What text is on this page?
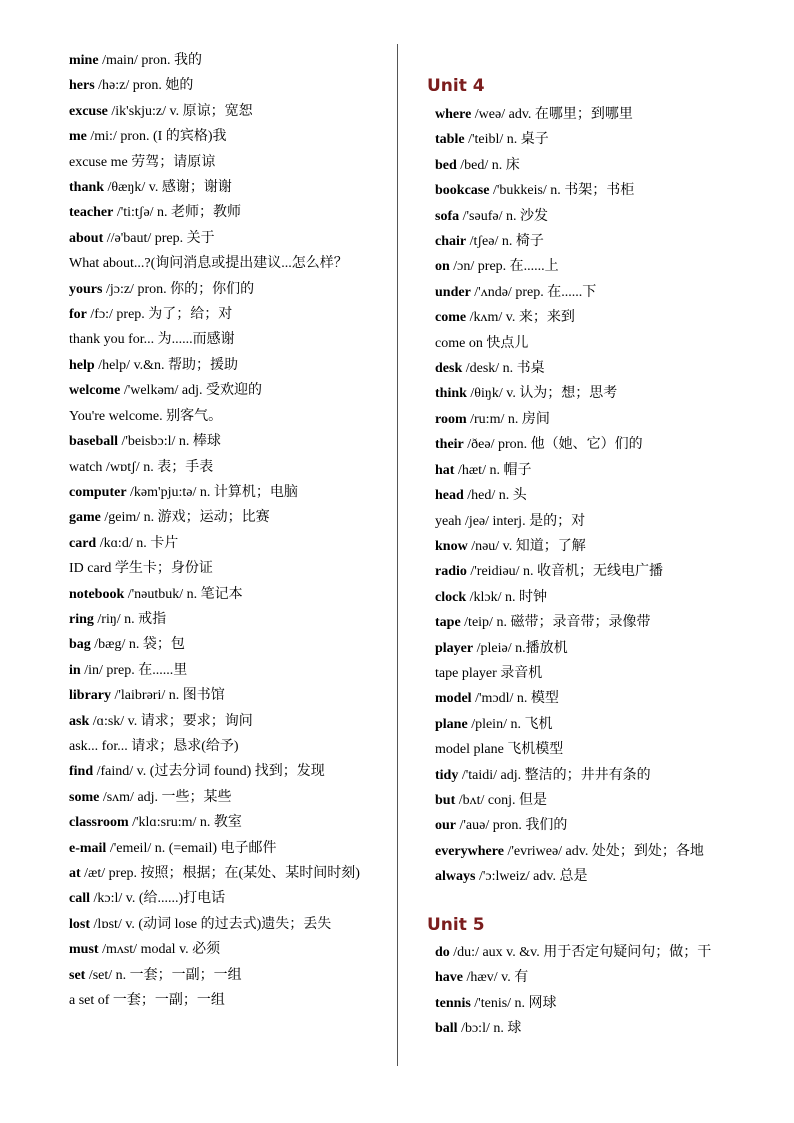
mine /main/ pron. 我的
hers /hə:z/ pron. 她的
excuse /ik'skju:z/ v. 原谅；宽恕
me /mi:/ pron. (I 的宾格)我
excuse me 劳驾；请原谅
thank /θæŋk/ v. 感谢；谢谢
teacher /'ti:tʃə/ n. 老师；教师
about //ə'baut/ prep. 关于
What about...?(询问消息或提出建议...怎么样？
yours /jɔ:z/ pron. 你的；你们的
for /fɔ:/ prep. 为了；给；对
thank you for... 为......而感谢
help /help/ v.&n. 帮助；援助
welcome /'welkəm/ adj. 受欢迎的
You're welcome. 别客气。
baseball /'beisbɔ:l/ n. 棒球
watch /wɒtʃ/ n. 表；手表
computer /kəm'pju:tə/ n. 计算机；电脑
game /geim/ n. 游戏；运动；比赛
card /kɑ:d/ n. 卡片
ID card 学生卡；身份证
notebook /'nəutbuk/ n. 笔记本
ring /riŋ/ n. 戒指
bag /bæg/ n. 袋；包
in /in/ prep. 在......里
library /'laibrəri/ n. 图书馆
ask /ɑ:sk/ v. 请求；要求；询问
ask... for... 请求；恳求(给予)
find /faind/ v. (过去分词 found) 找到；发现
some /sʌm/ adj. 一些；某些
classroom /'klɑ:sru:m/ n. 教室
e-mail /'emeil/ n. (=email) 电子邮件
at /æt/ prep. 按照；根据；在(某处、某时间时刻)
call /kɔ:l/ v. (给......)打电话
lost /lɒst/ v. (动词 lose 的过去式)遗失；丢失
must /mʌst/ modal v. 必须
set /set/ n. 一套；一副；一组
a set of 一套；一副；一组
Unit 4
where /weə/ adv. 在哪里；到哪里
table /'teibl/ n. 桌子
bed /bed/ n. 床
bookcase /'bukkeis/ n. 书架；书柜
sofa /'səufə/ n. 沙发
chair /tʃeə/ n. 椅子
on /ɔn/ prep. 在......上
under /'ʌndə/ prep. 在......下
come /kʌm/ v. 来；来到
come on 快点儿
desk /desk/ n. 书桌
think /θiŋk/ v. 认为；想；思考
room /ru:m/ n. 房间
their /ðeə/ pron. 他（她、它）们的
hat /hæt/ n. 帽子
head /hed/ n. 头
yeah /jeə/ interj. 是的；对
know /nəu/ v. 知道；了解
radio /'reidiəu/ n. 收音机；无线电广播
clock /klɔk/ n. 时钟
tape /teip/ n. 磁带；录音带；录像带
player /pleiə/ n.播放机
tape player 录音机
model /'mɔdl/ n. 模型
plane /plein/ n. 飞机
model plane 飞机模型
tidy /'taidi/ adj. 整洁的；井井有条的
but /bʌt/ conj. 但是
our /'auə/ pron. 我们的
everywhere /'evriweə/ adv. 处处；到处；各地
always /'ɔ:lweiz/ adv. 总是
Unit 5
do /du:/ aux v. &v. 用于否定句疑问句；做；干
have /hæv/ v. 有
tennis /'tenis/ n. 网球
ball /bɔ:l/ n. 球
